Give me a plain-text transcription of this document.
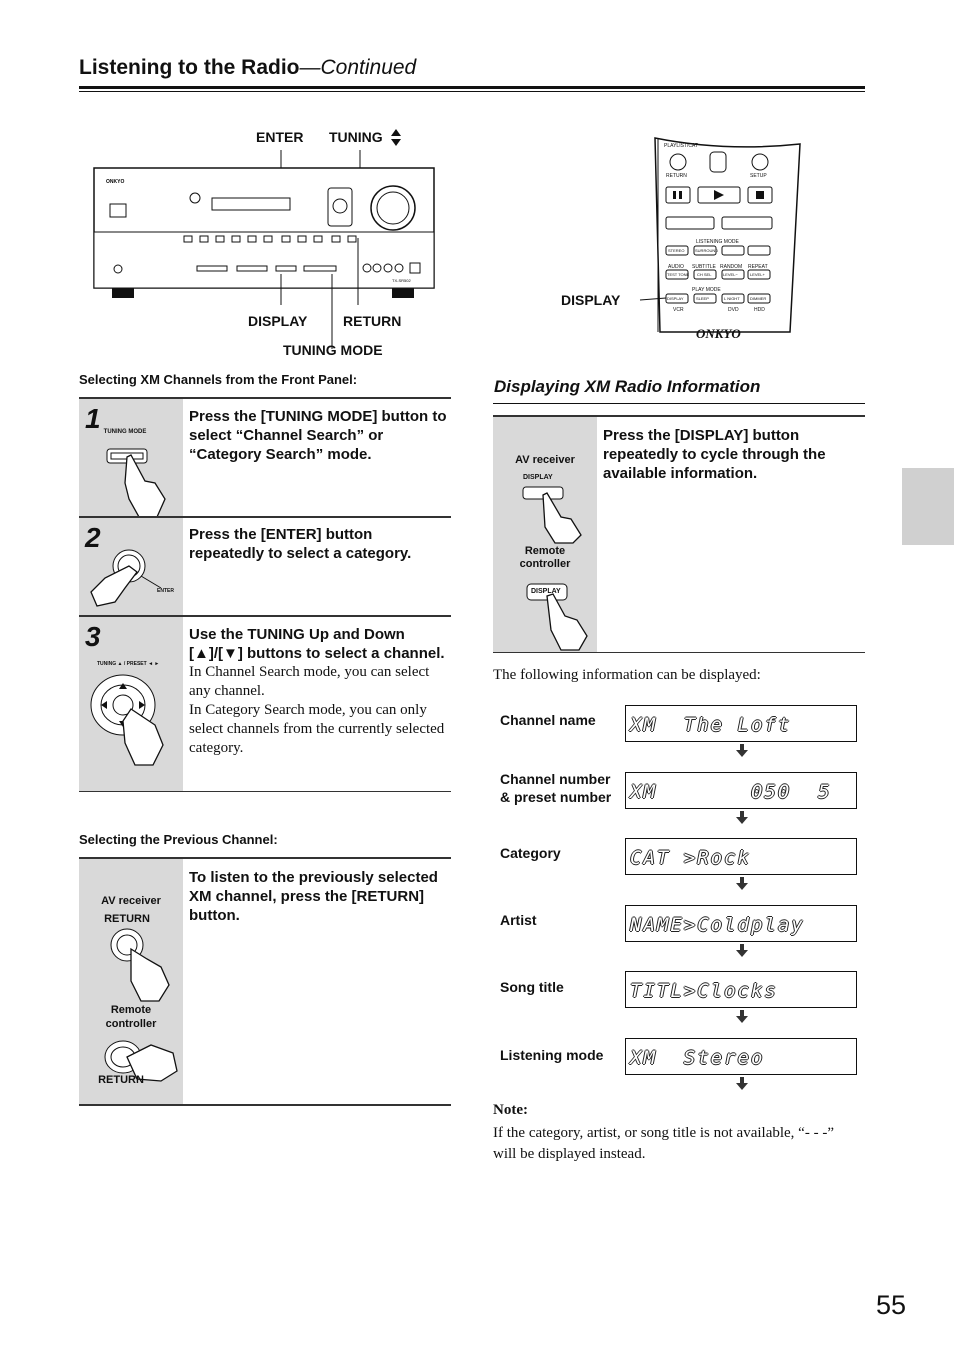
Listening to the Radio—Continued
ENTER TUNING
ONKYO
TX-SR502
DISPLAY	RETURN
TUNING MODE
PLAYLIST/CAT
RETURN	SETUP
LISTENING MODE
STEREO	SURROUND
AUDIO SUBTITLE RANDOM REPEAT
TEST TONE CH SEL	LEVEL−	LEVEL+
PLAY MODE
DISPLAY	SLEEP	L NIGHT	DIMMER
VCR	DVD	HDD
ONKYO
DISPLAY
Selecting XM Channels from the Front Panel:
1 TUNING MODE
Press the [TUNING MODE] button to select “Channel Search” or “Category Search” mode.
2
ENTER
Press the [ENTER] button repeatedly to select a category.
3
TUNING ▲ / PRESET ◄ ►
Use the TUNING Up and Down
[▲]/[▼] buttons to select a channel.
In Channel Search mode, you can select any channel.
In Category Search mode, you can only select channels from the currently selected category.
Selecting the Previous Channel:
AV receiver
RETURN
Remote controller
RETURN
To listen to the previously selected XM channel, press the [RETURN] button.
Displaying XM Radio Information
AV receiver
DISPLAY
Remote controller
DISPLAY
Press the [DISPLAY] button repeatedly to cycle through the available information.
The following information can be displayed:
Channel name XM  The Loft
Channel number & preset number XM       050  5
Category	CAT >Rock
Artist	NAME>Coldplay
Song title	TITL>Clocks
Listening mode XM  Stereo
Note:
If the category, artist, or song title is not available, “- - -” will be displayed instead.
55
